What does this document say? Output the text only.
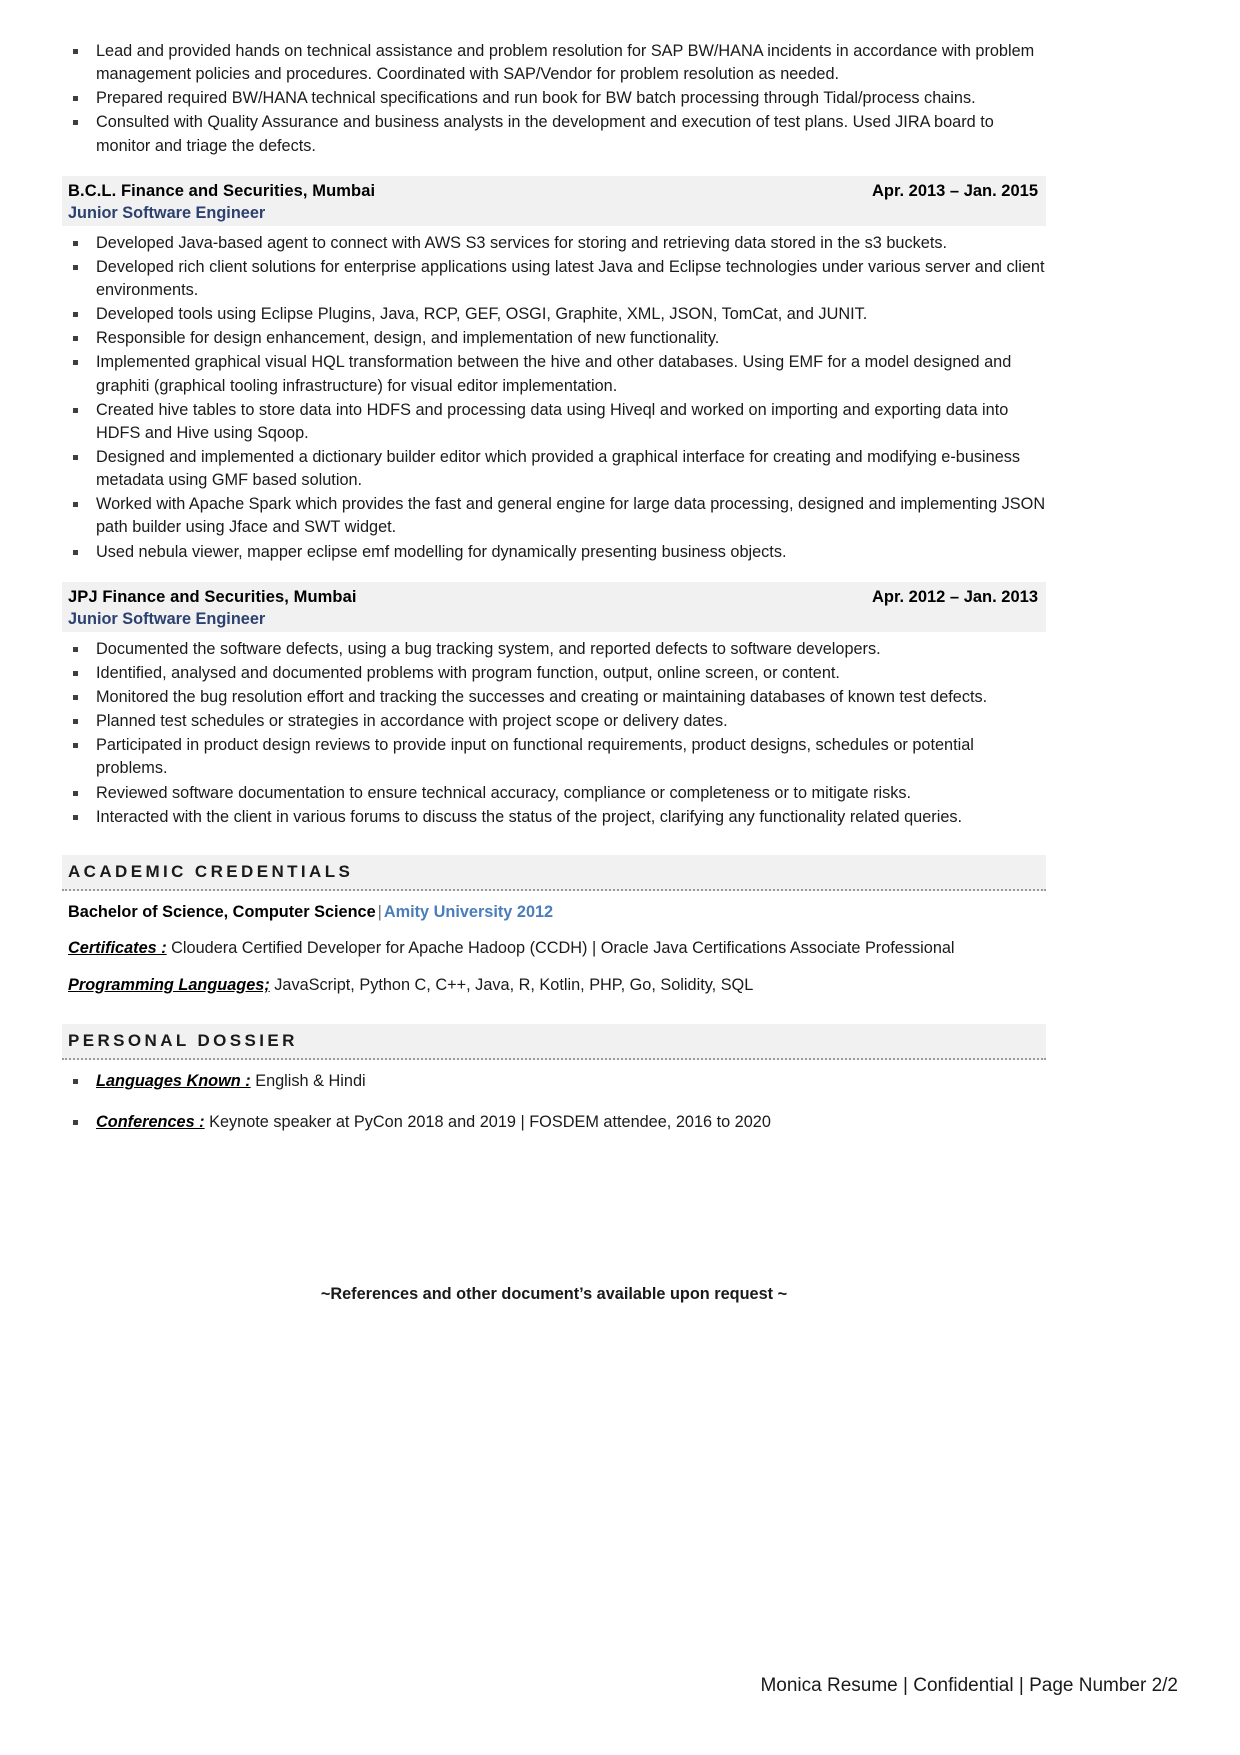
Lead and provided hands on technical assistance and problem resolution for SAP BW/HANA incidents in accordance with problem management policies and procedures. Coordinated with SAP/Vendor for problem resolution as needed.
Prepared required BW/HANA technical specifications and run book for BW batch processing through Tidal/process chains.
Consulted with Quality Assurance and business analysts in the development and execution of test plans. Used JIRA board to monitor and triage the defects.
B.C.L. Finance and Securities, Mumbai	Apr. 2013 – Jan. 2015
Junior Software Engineer
Developed Java-based agent to connect with AWS S3 services for storing and retrieving data stored in the s3 buckets.
Developed rich client solutions for enterprise applications using latest Java and Eclipse technologies under various server and client environments.
Developed tools using Eclipse Plugins, Java, RCP, GEF, OSGI, Graphite, XML, JSON, TomCat, and JUNIT.
Responsible for design enhancement, design, and implementation of new functionality.
Implemented graphical visual HQL transformation between the hive and other databases. Using EMF for a model designed and graphiti (graphical tooling infrastructure) for visual editor implementation.
Created hive tables to store data into HDFS and processing data using Hiveql and worked on importing and exporting data into HDFS and Hive using Sqoop.
Designed and implemented a dictionary builder editor which provided a graphical interface for creating and modifying e-business metadata using GMF based solution.
Worked with Apache Spark which provides the fast and general engine for large data processing, designed and implementing JSON path builder using Jface and SWT widget.
Used nebula viewer, mapper eclipse emf modelling for dynamically presenting business objects.
JPJ Finance and Securities, Mumbai	Apr. 2012 – Jan. 2013
Junior Software Engineer
Documented the software defects, using a bug tracking system, and reported defects to software developers.
Identified, analysed and documented problems with program function, output, online screen, or content.
Monitored the bug resolution effort and tracking the successes and creating or maintaining databases of known test defects.
Planned test schedules or strategies in accordance with project scope or delivery dates.
Participated in product design reviews to provide input on functional requirements, product designs, schedules or potential problems.
Reviewed software documentation to ensure technical accuracy, compliance or completeness or to mitigate risks.
Interacted with the client in various forums to discuss the status of the project, clarifying any functionality related queries.
ACADEMIC CREDENTIALS
Bachelor of Science, Computer Science | Amity University 2012
Certificates : Cloudera Certified Developer for Apache Hadoop (CCDH) | Oracle Java Certifications Associate Professional
Programming Languages; JavaScript, Python C, C++, Java, R, Kotlin, PHP, Go, Solidity, SQL
PERSONAL DOSSIER
Languages Known : English & Hindi
Conferences : Keynote speaker at PyCon 2018 and 2019 | FOSDEM attendee, 2016 to 2020
~References and other document’s available upon request ~
Monica Resume | Confidential | Page Number 2/2
